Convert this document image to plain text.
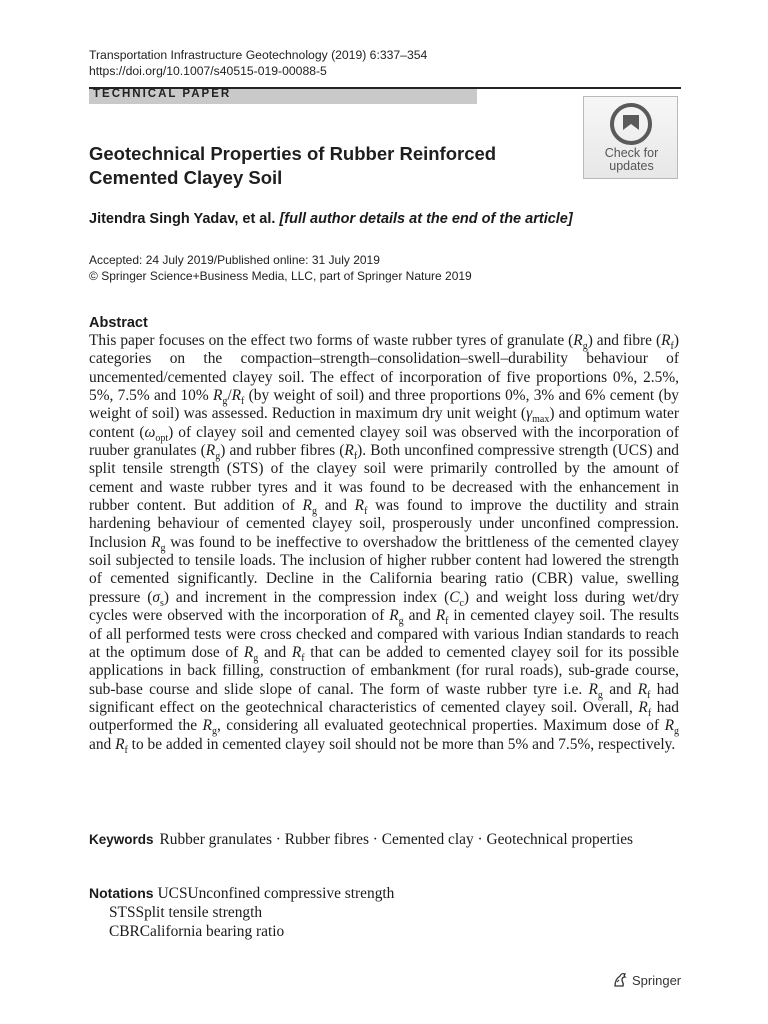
Transportation Infrastructure Geotechnology (2019) 6:337–354
https://doi.org/10.1007/s40515-019-00088-5
TECHNICAL PAPER
Check for
updates
Geotechnical Properties of Rubber Reinforced
Cemented Clayey Soil
Jitendra Singh Yadav, et al. [full author details at the end of the article]
Accepted: 24 July 2019/Published online: 31 July 2019
© Springer Science+Business Media, LLC, part of Springer Nature 2019
Abstract
This paper focuses on the effect two forms of waste rubber tyres of granulate $(R_g)$ and fibre $(R_f)$ categories on the compaction–strength–consolidation–swell–durability behaviour of uncemented/cemented clayey soil. The effect of incorporation of five proportions 0%, 2.5%, 5%, 7.5% and 10% $R_g/R_f$ (by weight of soil) and three proportions 0%, 3% and 6% cement (by weight of soil) was assessed. Reduction in maximum dry unit weight $(\gamma_{max})$ and optimum water content $(\omega_{opt})$ of clayey soil and cemented clayey soil was observed with the incorporation of ruuber granulates $(R_g)$ and rubber fibres $(R_f)$. Both unconfined compressive strength (UCS) and split tensile strength (STS) of the clayey soil were primarily controlled by the amount of cement and waste rubber tyres and it was found to be decreased with the enhancement in rubber content. But addition of $R_g$ and $R_f$ was found to improve the ductility and strain hardening behaviour of cemented clayey soil, prosperously under unconfined compression. Inclusion $R_g$ was found to be ineffective to overshadow the brittleness of the cemented clayey soil subjected to tensile loads. The inclusion of higher rubber content had lowered the strength of cemented significantly. Decline in the California bearing ratio (CBR) value, swelling pressure $(\sigma_s)$ and increment in the compression index $(C_c)$ and weight loss during wet/dry cycles were observed with the incorporation of $R_g$ and $R_f$ in cemented clayey soil. The results of all performed tests were cross checked and compared with various Indian standards to reach at the optimum dose of $R_g$ and $R_f$ that can be added to cemented clayey soil for its possible applications in back filling, construction of embankment (for rural roads), sub-grade course, sub-base course and slide slope of canal. The form of waste rubber tyre i.e. $R_g$ and $R_f$ had significant effect on the geotechnical characteristics of cemented clayey soil. Overall, $R_f$ had outperformed the $R_g$, considering all evaluated geotechnical properties. Maximum dose of $R_g$ and $R_f$ to be added in cemented clayey soil should not be more than 5% and 7.5%, respectively.
Keywords Rubber granulates · Rubber fibres · Cemented clay · Geotechnical properties
Notations UCSUnconfined compressive strength
STSSplit tensile strength
CBRCalifornia bearing ratio
Springer
